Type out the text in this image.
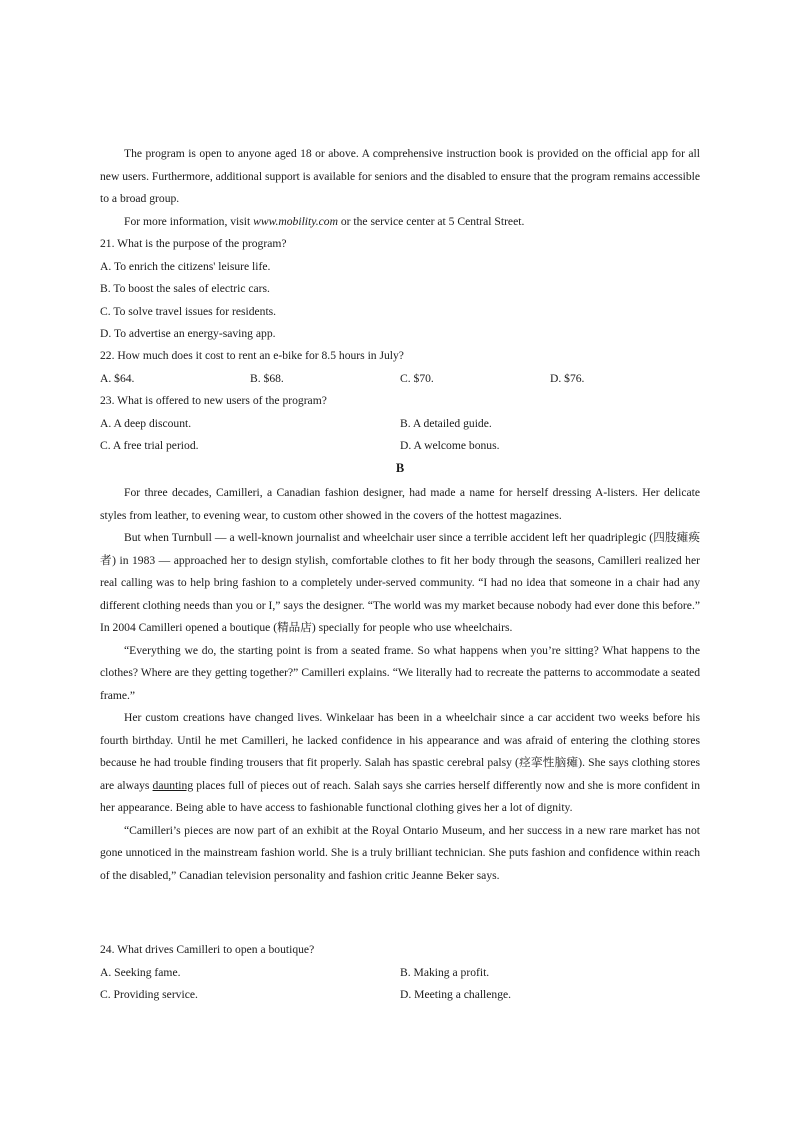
The program is open to anyone aged 18 or above. A comprehensive instruction book is provided on the official app for all new users. Furthermore, additional support is available for seniors and the disabled to ensure that the program remains accessible to a broad group.

For more information, visit www.mobility.com or the service center at 5 Central Street.

21. What is the purpose of the program?

A. To enrich the citizens' leisure life.

B. To boost the sales of electric cars.

C. To solve travel issues for residents.

D. To advertise an energy-saving app.

22. How much does it cost to rent an e-bike for 8.5 hours in July?

A. $64.	B. $68.	C. $70.	D. $76.

23. What is offered to new users of the program?

A. A deep discount.	B. A detailed guide.
C. A free trial period.	D. A welcome bonus.

B

For three decades, Camilleri, a Canadian fashion designer, had made a name for herself dressing A-listers. Her delicate styles from leather, to evening wear, to custom other showed in the covers of the hottest magazines.

But when Turnbull — a well-known journalist and wheelchair user since a terrible accident left her quadriplegic (四肢瘫痪者) in 1983 — approached her to design stylish, comfortable clothes to fit her body through the seasons, Camilleri realized her real calling was to help bring fashion to a completely under-served community. “I had no idea that someone in a chair had any different clothing needs than you or I,” says the designer. “The world was my market because nobody had ever done this before.” In 2004 Camilleri opened a boutique (精品店) specially for people who use wheelchairs.

“Everything we do, the starting point is from a seated frame. So what happens when you’re sitting? What happens to the clothes? Where are they getting together?” Camilleri explains. “We literally had to recreate the patterns to accommodate a seated frame.”

Her custom creations have changed lives. Winkelaar has been in a wheelchair since a car accident two weeks before his fourth birthday. Until he met Camilleri, he lacked confidence in his appearance and was afraid of entering the clothing stores because he had trouble finding trousers that fit properly. Salah has spastic cerebral palsy (痉挛性脑瘫). She says clothing stores are always daunting places full of pieces out of reach. Salah says she carries herself differently now and she is more confident in her appearance. Being able to have access to fashionable functional clothing gives her a lot of dignity.

“Camilleri’s pieces are now part of an exhibit at the Royal Ontario Museum, and her success in a new rare market has not gone unnoticed in the mainstream fashion world. She is a truly brilliant technician. She puts fashion and confidence within reach of the disabled,” Canadian television personality and fashion critic Jeanne Beker says.

24. What drives Camilleri to open a boutique?

A. Seeking fame.	B. Making a profit.
C. Providing service.	D. Meeting a challenge.
